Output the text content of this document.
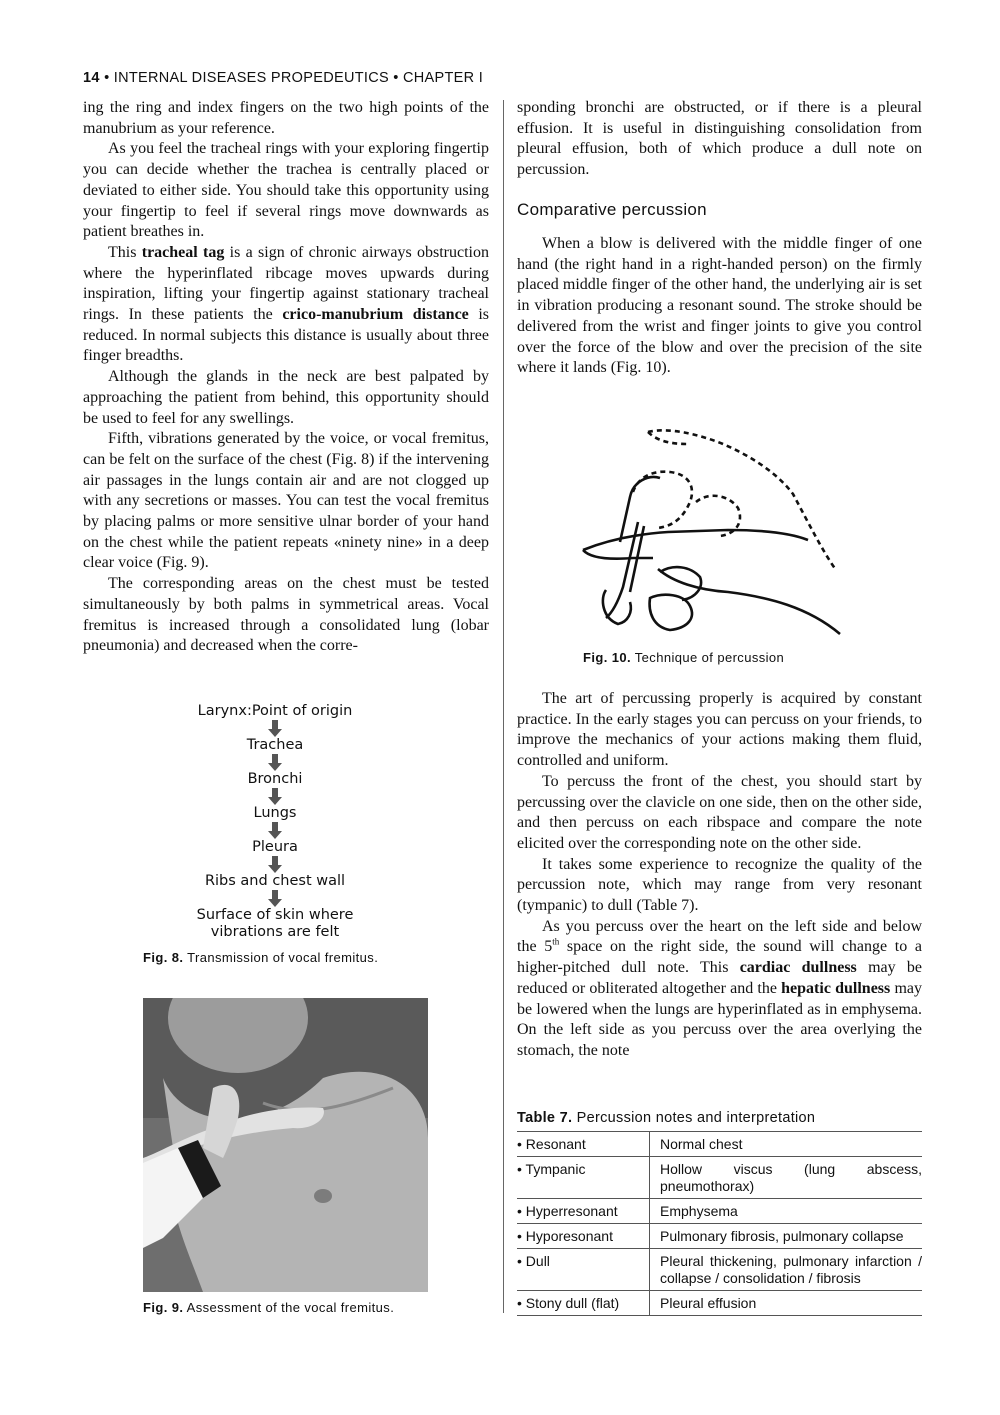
14 • INTERNAL DISEASES PROPEDEUTICS • CHAPTER I

ing the ring and index fingers on the two high points of the manubrium as your reference.

As you feel the tracheal rings with your exploring fingertip you can decide whether the trachea is centrally placed or deviated to either side. You should take this opportunity using your fingertip to feel if several rings move downwards as patient breathes in.

This tracheal tag is a sign of chronic airways obstruction where the hyperinflated ribcage moves upwards during inspiration, lifting your fingertip against stationary tracheal rings. In these patients the crico-manubrium distance is reduced. In normal subjects this distance is usually about three finger breadths.

Although the glands in the neck are best palpated by approaching the patient from behind, this opportunity should be used to feel for any swellings.

Fifth, vibrations generated by the voice, or vocal fremitus, can be felt on the surface of the chest (Fig. 8) if the intervening air passages in the lungs contain air and are not clogged up with any secretions or masses. You can test the vocal fremitus by placing palms or more sensitive ulnar border of your hand on the chest while the patient repeats «ninety nine» in a deep clear voice (Fig. 9).

The corresponding areas on the chest must be tested simultaneously by both palms in symmetrical areas. Vocal fremitus is increased through a consolidated lung (lobar pneumonia) and decreased when the corre-

sponding bronchi are obstructed, or if there is a pleural effusion. It is useful in distinguishing consolidation from pleural effusion, both of which produce a dull note on percussion.

Comparative percussion

When a blow is delivered with the middle finger of one hand (the right hand in a right-handed person) on the firmly placed middle finger of the other hand, the underlying air is set in vibration producing a resonant sound. The stroke should be delivered from the wrist and finger joints to give you control over the force of the blow and over the precision of the site where it lands (Fig. 10).

Fig. 10. Technique of percussion

The art of percussing properly is acquired by constant practice. In the early stages you can percuss on your friends, to improve the mechanics of your actions making them fluid, controlled and uniform.

To percuss the front of the chest, you should start by percussing over the clavicle on one side, then on the other side, and then percuss on each ribspace and compare the note elicited over the corresponding note on the other side.

It takes some experience to recognize the quality of the percussion note, which may range from very resonant (tympanic) to dull (Table 7).

As you percuss over the heart on the left side and below the 5th space on the right side, the sound will change to a higher-pitched dull note. This cardiac dullness may be reduced or obliterated altogether and the hepatic dullness may be lowered when the lungs are hyperinflated as in emphysema. On the left side as you percuss over the area overlying the stomach, the note

Larynx:Point of origin
Trachea
Bronchi
Lungs
Pleura
Ribs and chest wall
Surface of skin where
vibrations are felt
Fig. 8. Transmission of vocal fremitus.
Fig. 9. Assessment of the vocal fremitus.
Table 7. Percussion notes and interpretation
• Resonant	Normal chest
• Tympanic	Hollow viscus (lung abscess, pneumothorax)
• Hyperresonant	Emphysema
• Hyporesonant	Pulmonary fibrosis, pulmonary collapse
• Dull	Pleural thickening, pulmonary infarction / collapse / consolidation / fibrosis
• Stony dull (flat)	Pleural effusion
